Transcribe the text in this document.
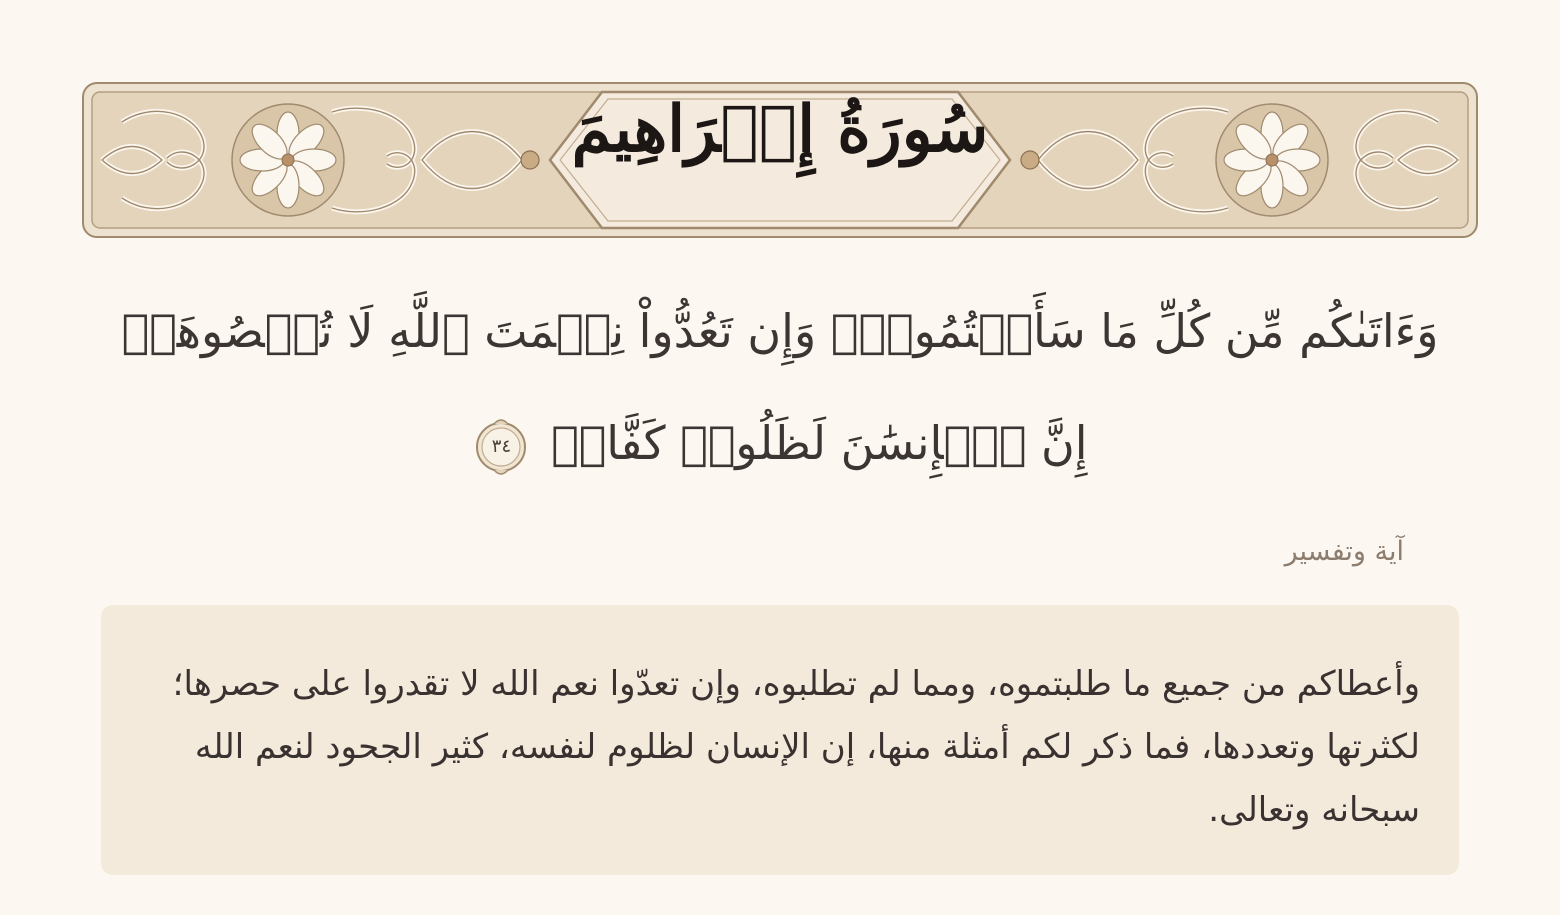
سُورَةُ إِبۡرَاهِيمَ
وَءَاتَىٰكُم مِّن كُلِّ مَا سَأَلۡتُمُوهُۚ وَإِن تَعُدُّواْ نِعۡمَتَ ٱللَّهِ لَا تُحۡصُوهَآۗ إِنَّ ٱلۡإِنسَٰنَ لَظَلُومٞ كَفَّارٞ
٣٤
آية وتفسير
وأعطاكم من جميع ما طلبتموه، ومما لم تطلبوه، وإن تعدّوا نعم الله لا تقدروا على حصرها؛ لكثرتها وتعددها، فما ذكر لكم أمثلة منها، إن الإنسان لظلوم لنفسه، كثير الجحود لنعم الله سبحانه وتعالى.
